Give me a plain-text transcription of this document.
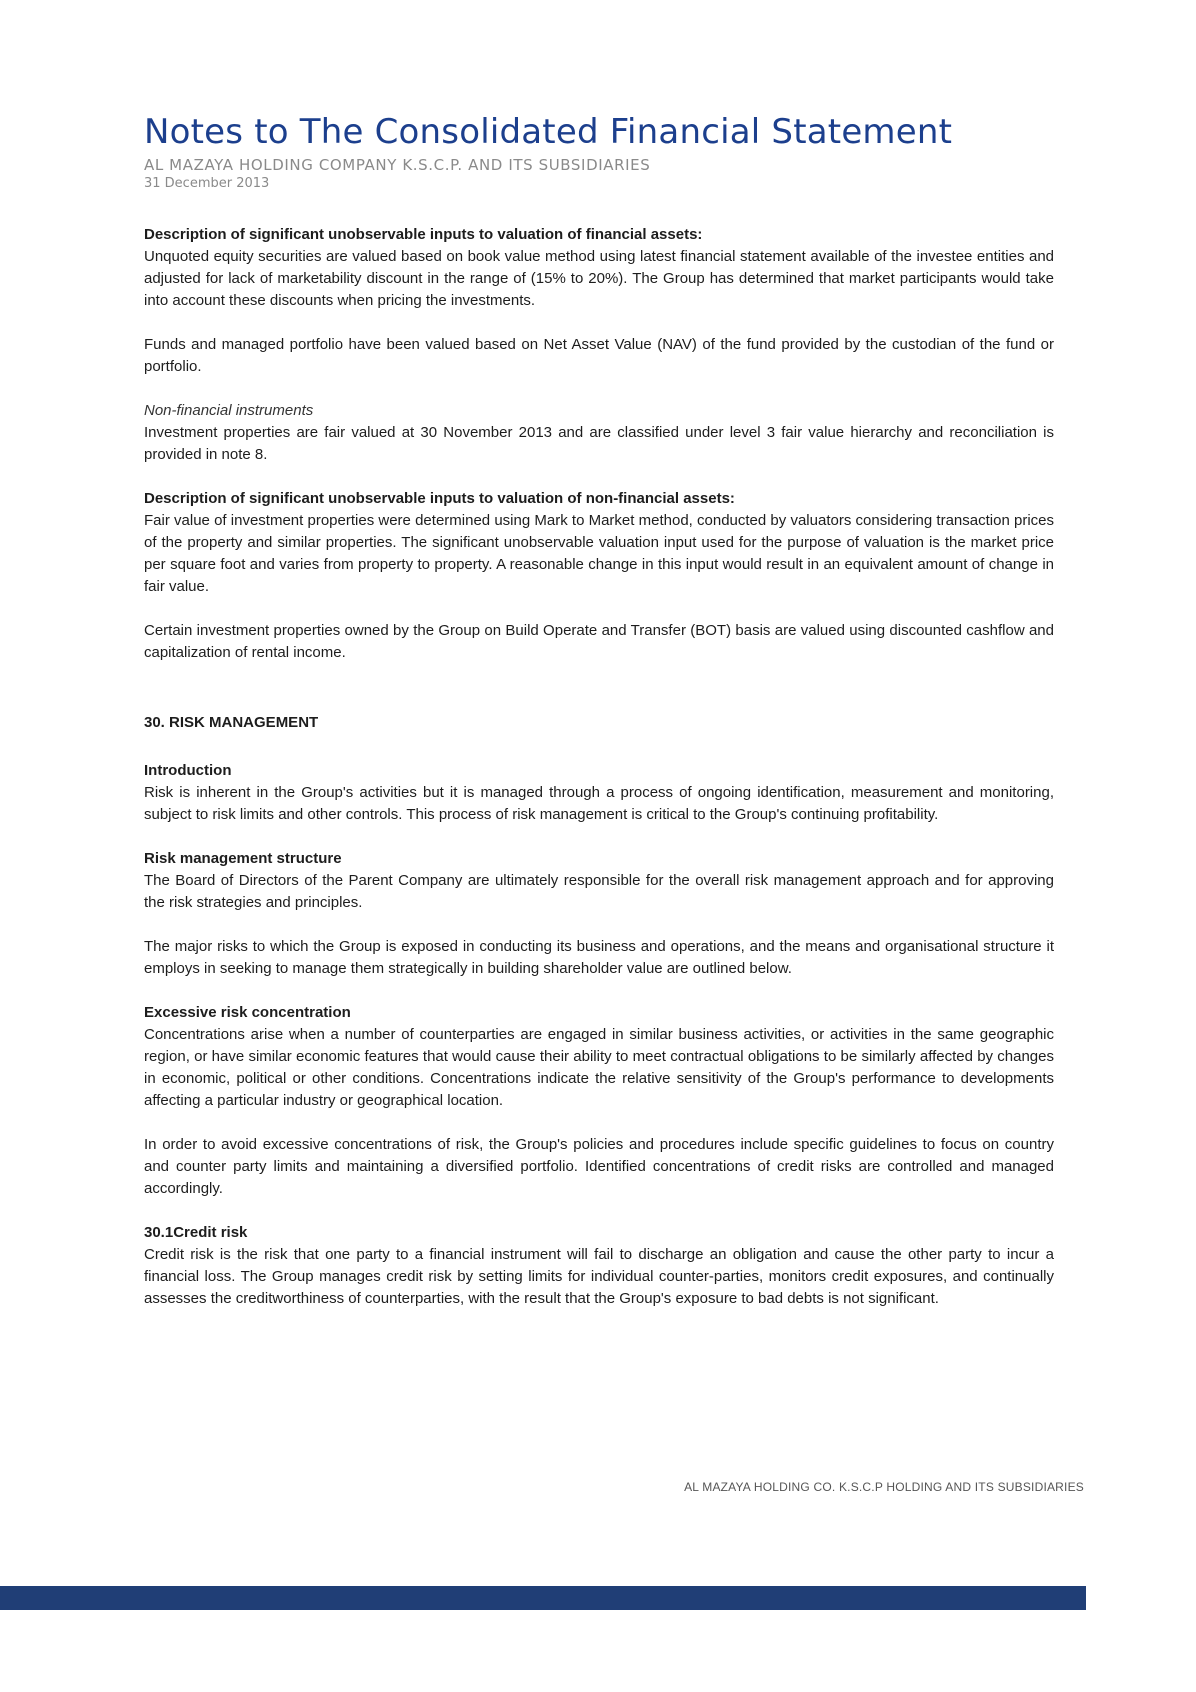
Notes to The Consolidated Financial Statement
AL MAZAYA HOLDING COMPANY K.S.C.P. AND ITS SUBSIDIARIES
31 December 2013

Description of significant unobservable inputs to valuation of financial assets:

Unquoted equity securities are valued based on book value method using latest financial statement available of the investee entities and adjusted for lack of marketability discount in the range of (15% to 20%). The Group has determined that market participants would take into account these discounts when pricing the investments.

Funds and managed portfolio have been valued based on Net Asset Value (NAV) of the fund provided by the custodian of the fund or portfolio.

Non-financial instruments

Investment properties are fair valued at 30 November 2013 and are classified under level 3 fair value hierarchy and reconciliation is provided in note 8.

Description of significant unobservable inputs to valuation of non-financial assets:

Fair value of investment properties were determined using Mark to Market method, conducted by valuators considering transaction prices of the property and similar properties. The significant unobservable valuation input used for the purpose of valuation is the market price per square foot and varies from property to property. A reasonable change in this input would result in an equivalent amount of change in fair value.

Certain investment properties owned by the Group on Build Operate and Transfer (BOT) basis are valued using discounted cashflow and capitalization of rental income.

30. RISK MANAGEMENT

Introduction

Risk is inherent in the Group's activities but it is managed through a process of ongoing identification, measurement and monitoring, subject to risk limits and other controls. This process of risk management is critical to the Group's continuing profitability.

Risk management structure

The Board of Directors of the Parent Company are ultimately responsible for the overall risk management approach and for approving the risk strategies and principles.

The major risks to which the Group is exposed in conducting its business and operations, and the means and organisational structure it employs in seeking to manage them strategically in building shareholder value are outlined below.

Excessive risk concentration

Concentrations arise when a number of counterparties are engaged in similar business activities, or activities in the same geographic region, or have similar economic features that would cause their ability to meet contractual obligations to be similarly affected by changes in economic, political or other conditions. Concentrations indicate the relative sensitivity of the Group's performance to developments affecting a particular industry or geographical location.

In order to avoid excessive concentrations of risk, the Group's policies and procedures include specific guidelines to focus on country and counter party limits and maintaining a diversified portfolio. Identified concentrations of credit risks are controlled and managed accordingly.

30.1Credit risk

Credit risk is the risk that one party to a financial instrument will fail to discharge an obligation and cause the other party to incur a financial loss. The Group manages credit risk by setting limits for individual counter-parties, monitors credit exposures, and continually assesses the creditworthiness of counterparties, with the result that the Group's exposure to bad debts is not significant.

AL MAZAYA HOLDING CO. K.S.C.P HOLDING AND ITS SUBSIDIARIES
